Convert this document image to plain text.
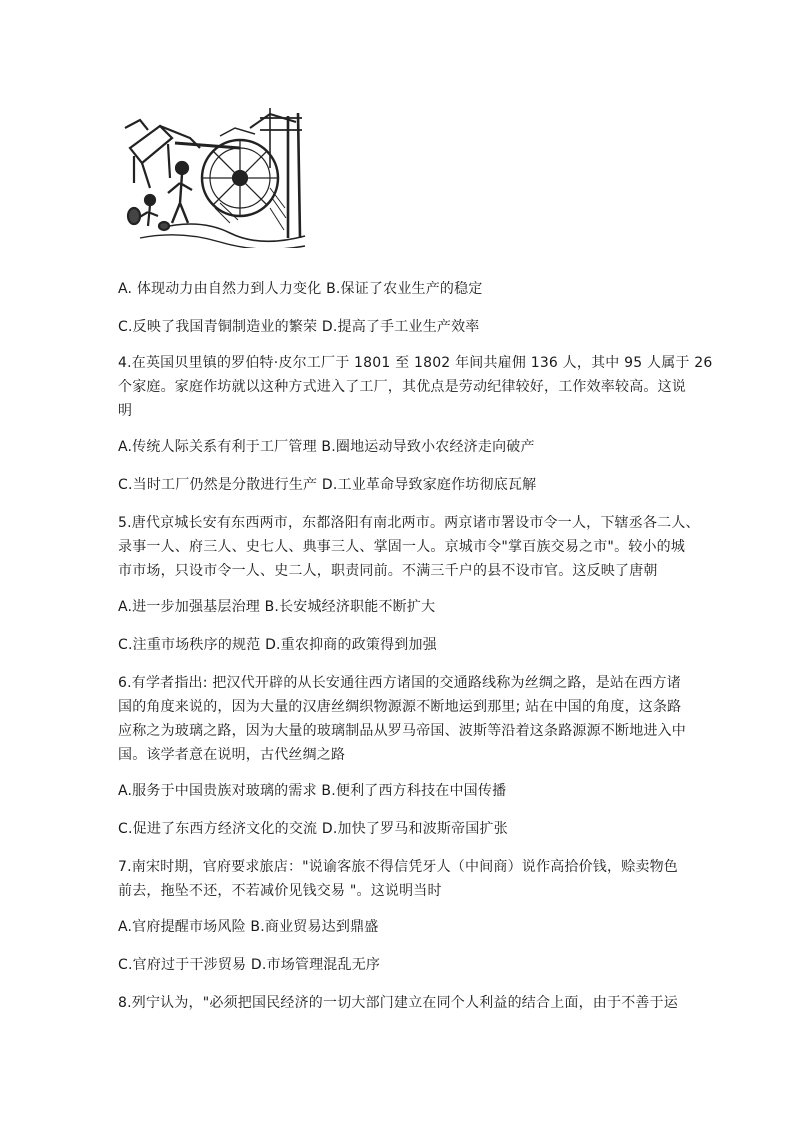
A. 体现动力由自然力到人力变化 B.保证了农业生产的稳定
C.反映了我国青铜制造业的繁荣 D.提高了手工业生产效率
4.在英国贝里镇的罗伯特·皮尔工厂于 1801 至 1802 年间共雇佣 136 人，其中 95 人属于 26
个家庭。家庭作坊就以这种方式进入了工厂，其优点是劳动纪律较好，工作效率较高。这说
明
A.传统人际关系有利于工厂管理 B.圈地运动导致小农经济走向破产
C.当时工厂仍然是分散进行生产 D.工业革命导致家庭作坊彻底瓦解
5.唐代京城长安有东西两市，东都洛阳有南北两市。两京诸市署设市令一人，下辖丞各二人、
录事一人、府三人、史七人、典事三人、掌固一人。京城市令"掌百族交易之市"。较小的城
市市场，只设市令一人、史二人，职责同前。不满三千户的县不设市官。这反映了唐朝
A.进一步加强基层治理 B.长安城经济职能不断扩大
C.注重市场秩序的规范 D.重农抑商的政策得到加强
6.有学者指出: 把汉代开辟的从长安通往西方诸国的交通路线称为丝绸之路，是站在西方诸
国的角度来说的，因为大量的汉唐丝绸织物源源不断地运到那里; 站在中国的角度，这条路
应称之为玻璃之路，因为大量的玻璃制品从罗马帝国、波斯等沿着这条路源源不断地进入中
国。该学者意在说明，古代丝绸之路
A.服务于中国贵族对玻璃的需求 B.便利了西方科技在中国传播
C.促进了东西方经济文化的交流 D.加快了罗马和波斯帝国扩张
7.南宋时期，官府要求旅店："说谕客旅不得信凭牙人（中间商）说作高拾价钱，赊卖物色
前去，拖坠不还，不若减价见钱交易 "。这说明当时
A.官府提醒市场风险 B.商业贸易达到鼎盛
C.官府过于干涉贸易 D.市场管理混乱无序
8.列宁认为，"必须把国民经济的一切大部门建立在同个人利益的结合上面，由于不善于运
